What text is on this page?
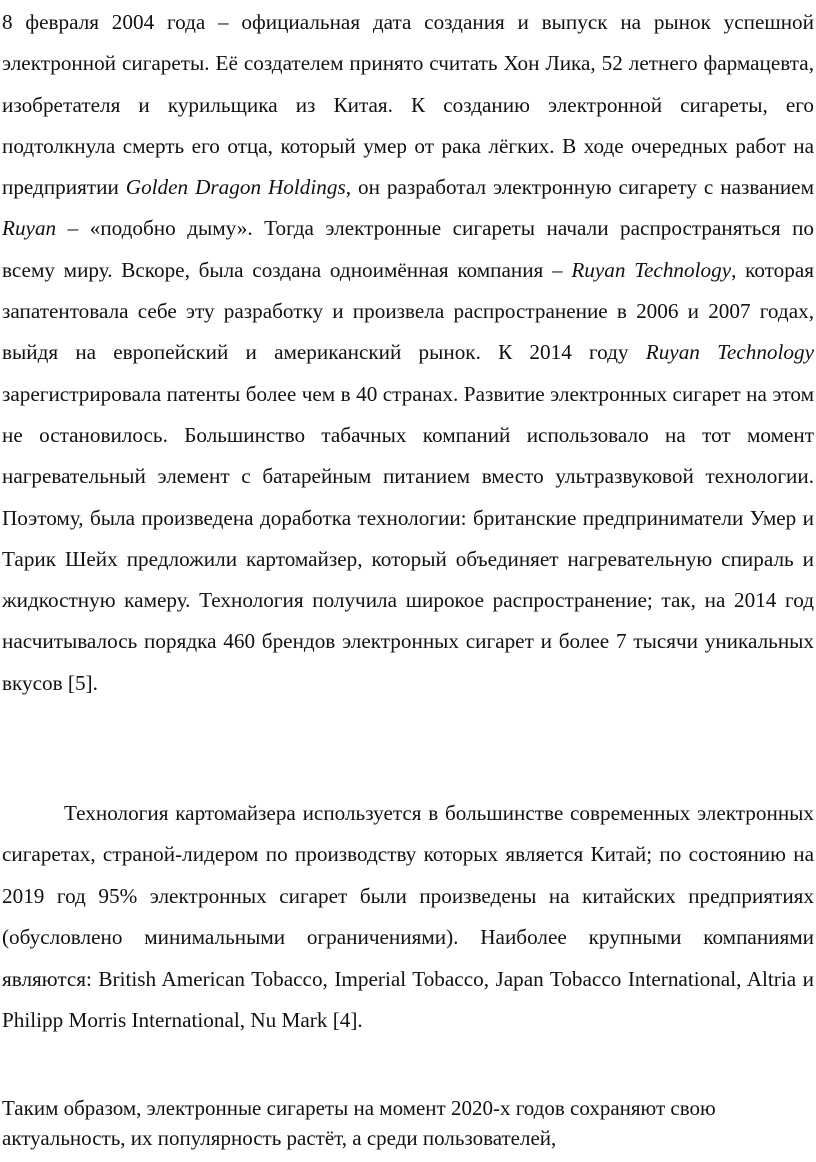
8 февраля 2004 года – официальная дата создания и выпуск на рынок успешной электронной сигареты. Её создателем принято считать Хон Лика, 52 летнего фармацевта, изобретателя и курильщика из Китая. К созданию электронной сигареты, его подтолкнула смерть его отца, который умер от рака лёгких. В ходе очередных работ на предприятии Golden Dragon Holdings, он разработал электронную сигарету с названием Ruyan – «подобно дыму». Тогда электронные сигареты начали распространяться по всему миру. Вскоре, была создана одноимённая компания – Ruyan Technology, которая запатентовала себе эту разработку и произвела распространение в 2006 и 2007 годах, выйдя на европейский и американский рынок. К 2014 году Ruyan Technology зарегистрировала патенты более чем в 40 странах. Развитие электронных сигарет на этом не остановилось. Большинство табачных компаний использовало на тот момент нагревательный элемент с батарейным питанием вместо ультразвуковой технологии. Поэтому, была произведена доработка технологии: британские предприниматели Умер и Тарик Шейх предложили картомайзер, который объединяет нагревательную спираль и жидкостную камеру. Технология получила широкое распространение; так, на 2014 год насчитывалось порядка 460 брендов электронных сигарет и более 7 тысячи уникальных вкусов [5].

Технология картомайзера используется в большинстве современных электронных сигаретах, страной-лидером по производству которых является Китай; по состоянию на 2019 год 95% электронных сигарет были произведены на китайских предприятиях (обусловлено минимальными ограничениями). Наиболее крупными компаниями являются: British American Tobacco, Imperial Tobacco, Japan Tobacco International, Altria и Philipp Morris International, Nu Mark [4].

Таким образом, электронные сигареты на момент 2020-х годов сохраняют свою актуальность, их популярность растёт, а среди пользователей,
